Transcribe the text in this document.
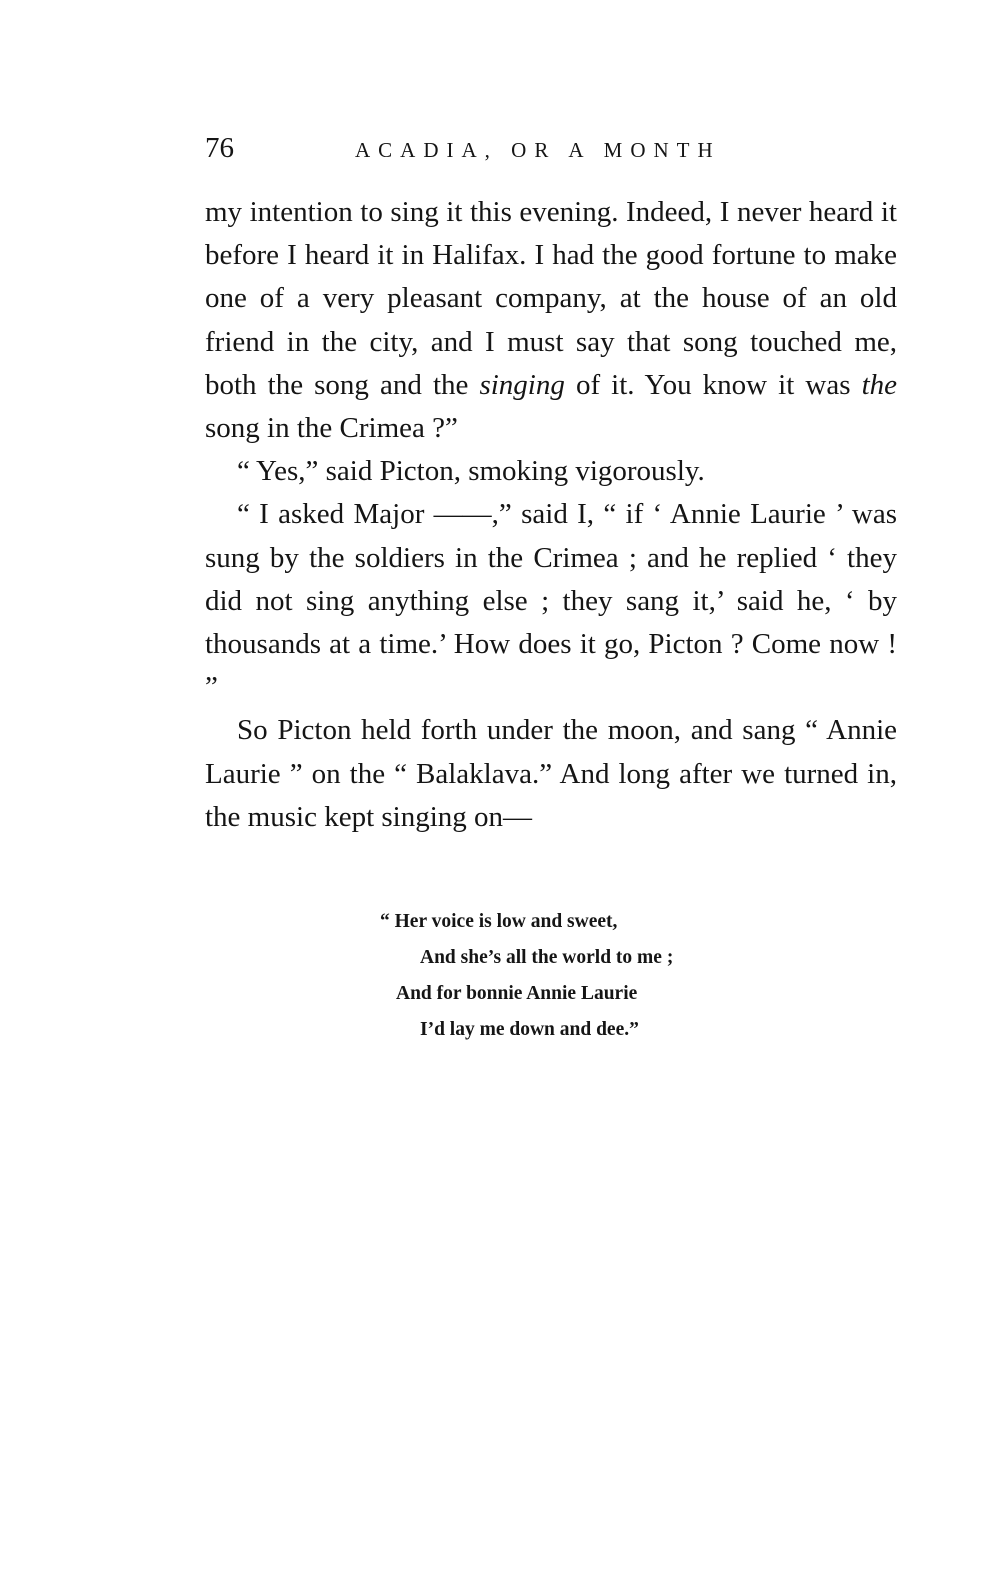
76	ACADIA, OR A MONTH

my intention to sing it this evening. Indeed, I never heard it before I heard it in Halifax. I had the good fortune to make one of a very pleasant company, at the house of an old friend in the city, and I must say that song touched me, both the song and the singing of it. You know it was the song in the Crimea ?”

“ Yes,” said Picton, smoking vigorously.

“ I asked Major ——,” said I, “ if ‘ Annie Laurie ’ was sung by the soldiers in the Crimea ; and he replied ‘ they did not sing anything else ; they sang it,’ said he, ‘ by thousands at a time.’ How does it go, Picton ? Come now ! ”

So Picton held forth under the moon, and sang “ Annie Laurie ” on the “ Balaklava.” And long after we turned in, the music kept singing on—

“ Her voice is low and sweet,
And she’s all the world to me ;
And for bonnie Annie Laurie
I’d lay me down and dee.”
